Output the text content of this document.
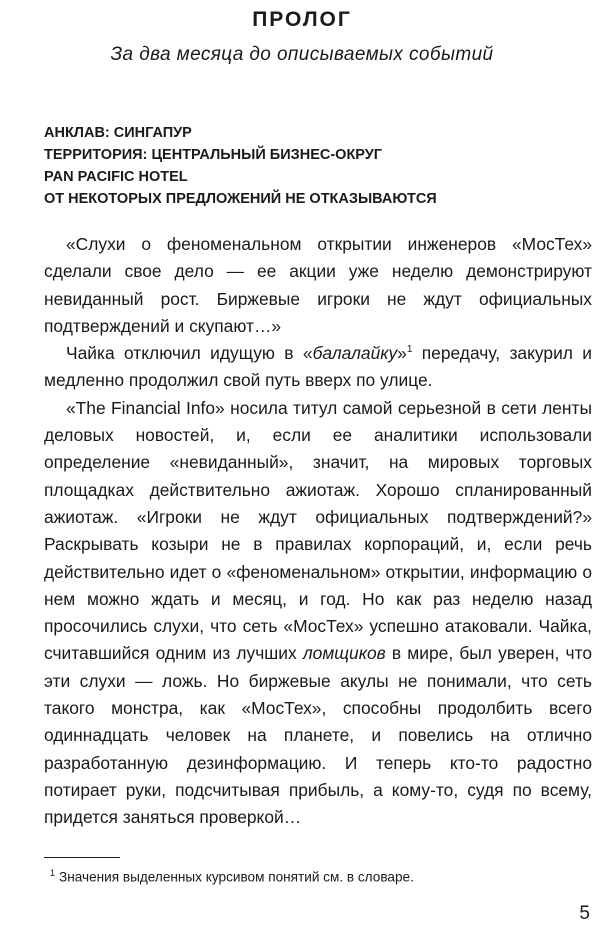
ПРОЛОГ
За два месяца до описываемых событий
АНКЛАВ: СИНГАПУР
ТЕРРИТОРИЯ: ЦЕНТРАЛЬНЫЙ БИЗНЕС-ОКРУГ
PAN PACIFIC HOTEL
ОТ НЕКОТОРЫХ ПРЕДЛОЖЕНИЙ НЕ ОТКАЗЫВАЮТСЯ

«Слухи о феноменальном открытии инженеров «МосТех» сделали свое дело — ее акции уже неделю демонстрируют невиданный рост. Биржевые игроки не ждут официальных подтверждений и скупают…»

Чайка отключил идущую в «балалайку»$^1$ передачу, закурил и медленно продолжил свой путь вверх по улице.

«The Financial Info» носила титул самой серьезной в сети ленты деловых новостей, и, если ее аналитики использовали определение «невиданный», значит, на мировых торговых площадках действительно ажиотаж. Хорошо спланированный ажиотаж. «Игроки не ждут официальных подтверждений?» Раскрывать козыри не в правилах корпораций, и, если речь действительно идет о «феноменальном» открытии, информацию о нем можно ждать и месяц, и год. Но как раз неделю назад просочились слухи, что сеть «МосТех» успешно атаковали. Чайка, считавшийся одним из лучших ломщиков в мире, был уверен, что эти слухи — ложь. Но биржевые акулы не понимали, что сеть такого монстра, как «МосТех», способны продолбить всего одиннадцать человек на планете, и повелись на отлично разработанную дезинформацию. И теперь кто-то радостно потирает руки, подсчитывая прибыль, а кому-то, судя по всему, придется заняться проверкой…

$^1$ Значения выделенных курсивом понятий см. в словаре.
5
